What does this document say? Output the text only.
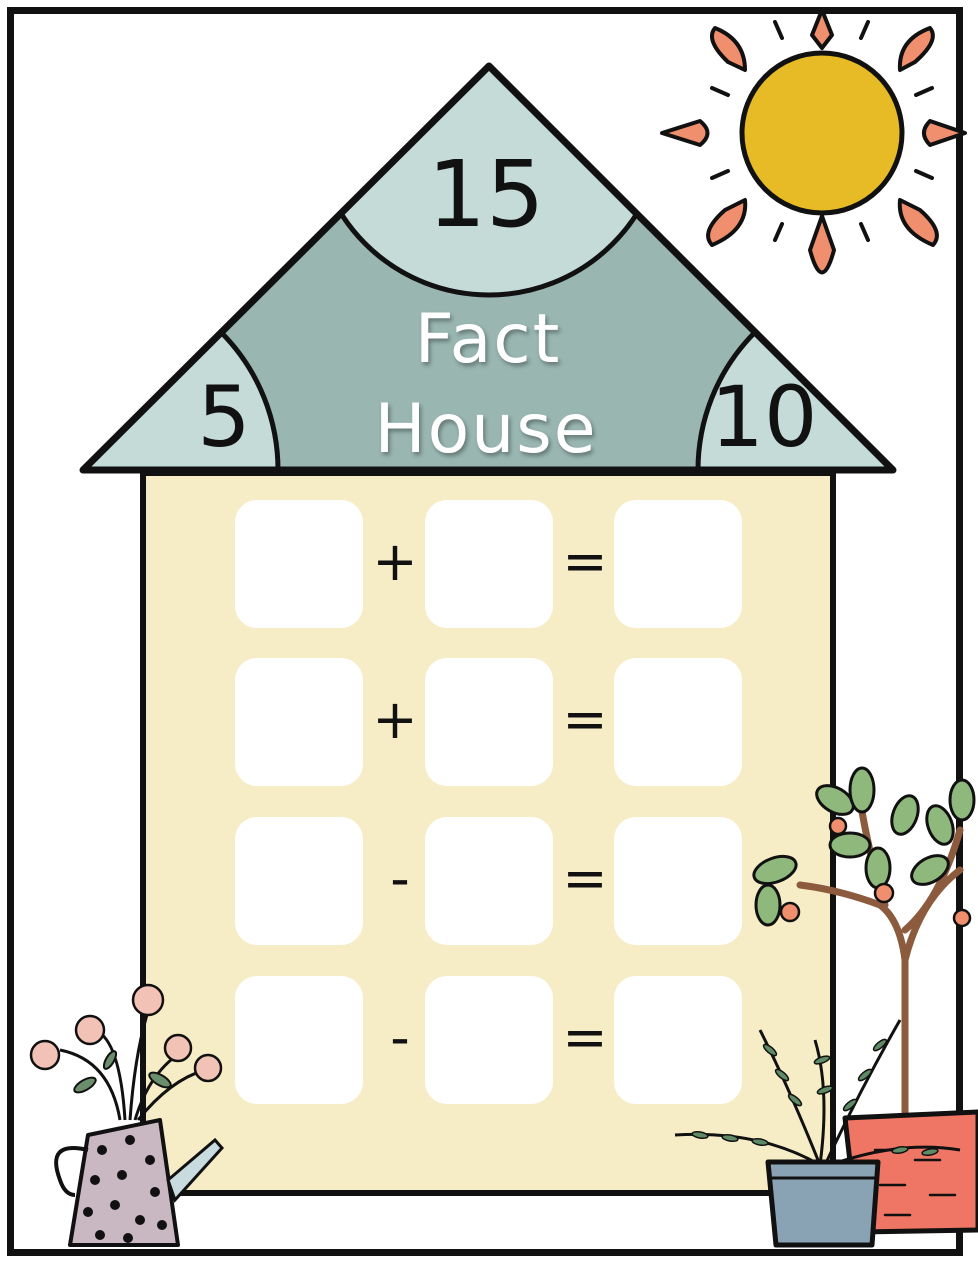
15
5	10
Fact
House
+	=
+	=
-	=
-	=
